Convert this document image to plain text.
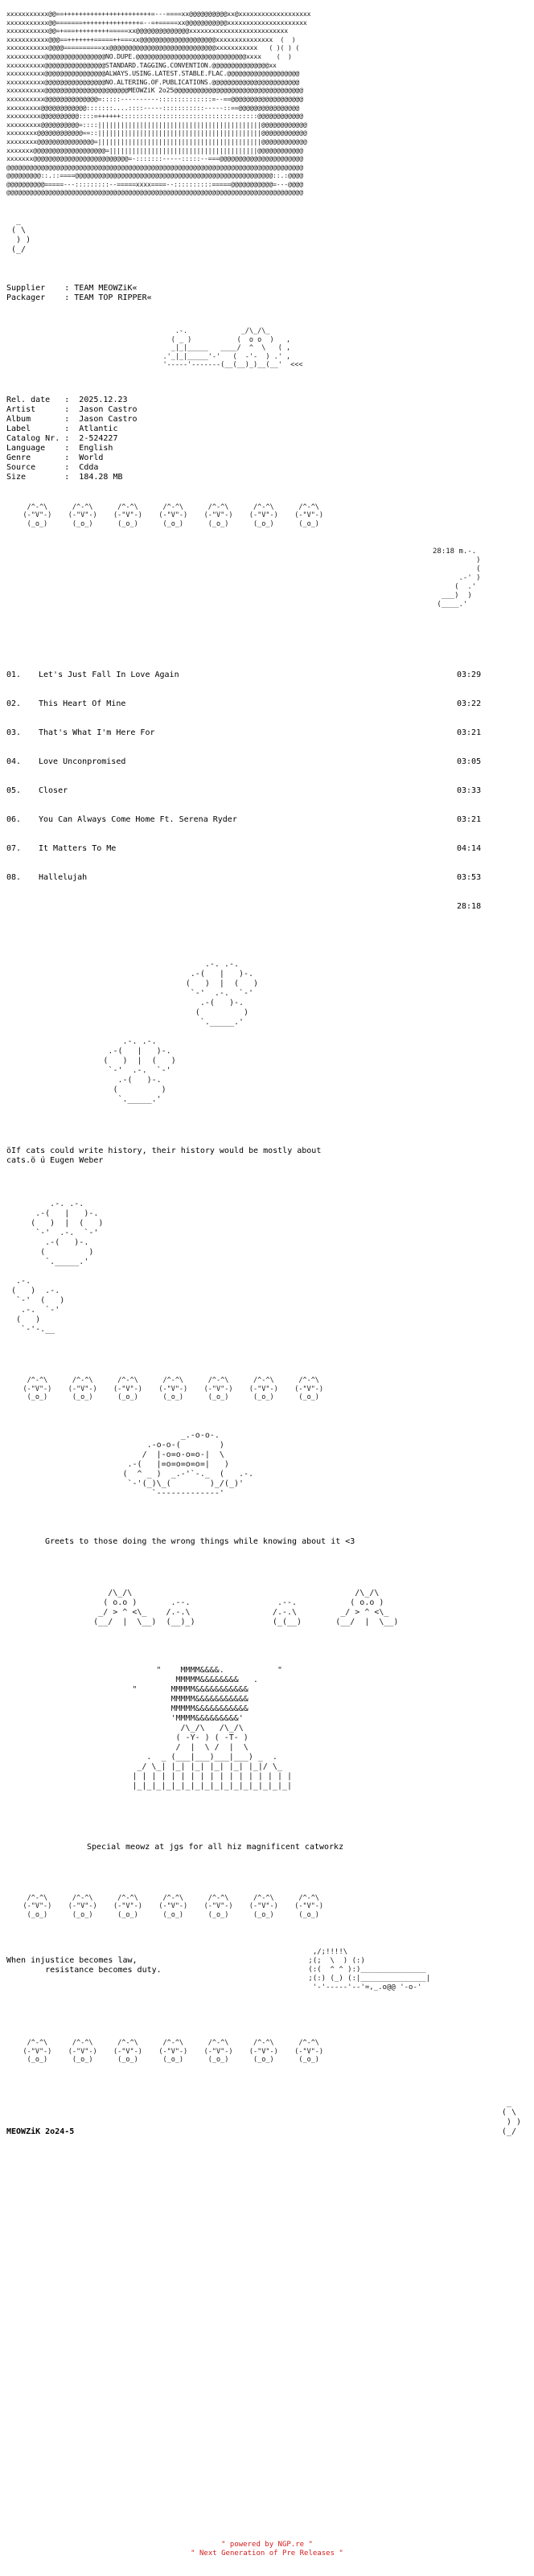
xxxxxxxxxxx@@==+++++++++++++++++++++++=---====xx@@@@@@@@@@xx@xxxxxxxxxxxxxxxxxxx
xxxxxxxxxxx@@=======+++++++++++++++=--=+=====xx@@@@@@@@@@@xxxxxxxxxxxxxxxxxxxxx
xxxxxxxxxxx@@=+===+++++++++=====xx@@@@@@@@@@@@@@xxxxxxxxxxxxxxxxxxxxxxxxxx
xxxxxxxxxxx@@@==+++++++=====++===xx@@@@@@@@@@@@@@@@@@@@xxxxxxxxxxxxxxx  (  )
xxxxxxxxxxx@@@@==========xx@@@@@@@@@@@@@@@@@@@@@@@@@@@@xxxxxxxxxxx   ( )( ) (
xxxxxxxxxx@@@@@@@@@@@@@@@@NO.DUPE.@@@@@@@@@@@@@@@@@@@@@@@@@@@@@xxxx    (  )
xxxxxxxxxx@@@@@@@@@@@@@@@@STANDARD.TAGGING.CONVENTION.@@@@@@@@@@@@@@@xx
xxxxxxxxxx@@@@@@@@@@@@@@@@ALWAYS.USING.LATEST.STABLE.FLAC.@@@@@@@@@@@@@@@@@@@
xxxxxxxxxx@@@@@@@@@@@@@@@@NO.ALTERING.OF.PUBLICATIONS.@@@@@@@@@@@@@@@@@@@@@@@
xxxxxxxxxx@@@@@@@@@@@@@@@@@@@@@@MEOWZiK 2o25@@@@@@@@@@@@@@@@@@@@@@@@@@@@@@@@@@
xxxxxxxxxx@@@@@@@@@@@@@@=:::::----------::::::::::::::=--==@@@@@@@@@@@@@@@@@@@
xxxxxxxxx@@@@@@@@@@@@:::::::....::::-----:::::::::::-----::==@@@@@@@@@@@@@@@@
xxxxxxxxx@@@@@@@@@@::::=++++++::::::::::::::::::::::::::::::::::::@@@@@@@@@@@@
xxxxxxxxx@@@@@@@@@@=::::|||||||||||||||||||||||||||||||||||||||||||@@@@@@@@@@@@
xxxxxxxx@@@@@@@@@@@@==::|||||||||||||||||||||||||||||||||||||||||||@@@@@@@@@@@@
xxxxxxxx@@@@@@@@@@@@@@@=|||||||||||||||||||||||||||||||||||||||||||@@@@@@@@@@@@
xxxxxxx@@@@@@@@@@@@@@@@@@@=|||||||||||||||||||||||||||||||||||||||@@@@@@@@@@@@
xxxxxxx@@@@@@@@@@@@@@@@@@@@@@@@@=-:::::::-----:::::--===@@@@@@@@@@@@@@@@@@@@@@
@@@@@@@@@@@@@@@@@@@@@@@@@@@@@@@@@@@@@@@@@@@@@@@@@@@@@@@@@@@@@@@@@@@@@@@@@@@@@@
@@@@@@@@@::.::====@@@@@@@@@@@@@@@@@@@@@@@@@@@@@@@@@@@@@@@@@@@@@@@@@@@@::.:@@@@
@@@@@@@@@@=====---:::::::::--=====xxxx====--::::::::::=====@@@@@@@@@@@=---@@@@
@@@@@@@@@@@@@@@@@@@@@@@@@@@@@@@@@@@@@@@@@@@@@@@@@@@@@@@@@@@@@@@@@@@@@@@@@@@@@@

_
( \
) )
(_/

Supplier    : TEAM MEOWZiK«
Packager    : TEAM TOP RIPPER«

.-.             _/\_/\_
( _ )           (  o o  )   ,
_|_|_____   ____/  ^  \   ( ,
.'_|_|_____'-'   (  -'-  ) .' ,
'-----'-------(__(__)_)__(__'  <<<

Rel. date   :  2025.12.23
Artist      :  Jason Castro
Album       :  Jason Castro
Label       :  Atlantic
Catalog Nr. :  2-524227
Language    :  English
Genre       :  World
Source      :  Cdda
Size        :  184.28 MB

/^-^\      /^-^\      /^-^\      /^-^\      /^-^\      /^-^\      /^-^\
(-"V"-)    (-"V"-)    (-"V"-)    (-"V"-)    (-"V"-)    (-"V"-)    (-"V"-)
(_o_)      (_o_)      (_o_)      (_o_)      (_o_)      (_o_)      (_o_)

28:18 m.-.
)
(
.-' )
(  .'
___)  )
(____.'

01.	Let's Just Fall In Love Again	03:29

02.	This Heart Of Mine	03:22

03.	That's What I'm Here For	03:21

04.	Love Unconpromised	03:05

05.	Closer	03:33

06.	You Can Always Come Home Ft. Serena Ryder	03:21

07.	It Matters To Me	04:14

08.	Hallelujah	03:53

28:18

.-. .-.
.-(   |   )-.
(   )  |  (   )
`-'  .-.  `-'
.-(   )-.
(         )
`._____.'

.-. .-.
.-(   |   )-.
(   )  |  (   )
`-'  .-.  `-'
.-(   )-.
(         )
`._____.'

öIf cats could write history, their history would be mostly about
cats.ö ú Eugen Weber

.-. .-.
.-(   |   )-.
(   )  |  (   )
`-'  .-.  `-'
.-(   )-.
(         )
`._____.'

.-.
(   )  .-.
`-'  (   )
.-.  `-'
(   )
`-'-.__

/^-^\      /^-^\      /^-^\      /^-^\      /^-^\      /^-^\      /^-^\
(-"V"-)    (-"V"-)    (-"V"-)    (-"V"-)    (-"V"-)    (-"V"-)    (-"V"-)
(_o_)      (_o_)      (_o_)      (_o_)      (_o_)      (_o_)      (_o_)

_.-o-o-.
.-o-o-(        )
/  |-o=o-o=o-|  \
.-(   |=o=o=o=o=|   )
(  ^ _ )  _.-'`-._  (   .-.
`-'(_)\_(        )_/(_)'
`-------------'

Greets to those doing the wrong things while knowing about it <3

/\_/\                                              /\_/\
( o.o )       .--.                  .--.           ( o.o )
_/ > ^ <\_    /.-.\                 /.-.\         _/ > ^ <\_
(__/  |  \__)  (__)_)                (_(__)       (__/  |  \__)

"    MMMM&&&&.           "
MMMMM&&&&&&&&   .
"       MMMMM&&&&&&&&&&&
MMMMM&&&&&&&&&&&
MMMMM&&&&&&&&&&&
'MMMM&&&&&&&&&'
/\_/\   /\_/\
( -Y- ) ( -T- )
/  |  \ /  |  \
.  _ (___|___)___|___) _  .
_/ \_| |_| |_| |_| |_| |_|/ \_
| | | | | | | | | | | | | | | | |
|_|_|_|_|_|_|_|_|_|_|_|_|_|_|_|_|

Special meowz at jgs for all hiz magnificent catworkz

/^-^\      /^-^\      /^-^\      /^-^\      /^-^\      /^-^\      /^-^\
(-"V"-)    (-"V"-)    (-"V"-)    (-"V"-)    (-"V"-)    (-"V"-)    (-"V"-)
(_o_)      (_o_)      (_o_)      (_o_)      (_o_)      (_o_)      (_o_)

When injustice becomes law,
resistance becomes duty.
,/;!!!!\
;(;  \  ) (:)
(:(  ^ ^ ):)_______________
;(:) (_) (:|_______________|
'-'-----'--'=,_.o@@ '-o-'

/^-^\      /^-^\      /^-^\      /^-^\      /^-^\      /^-^\      /^-^\
(-"V"-)    (-"V"-)    (-"V"-)    (-"V"-)    (-"V"-)    (-"V"-)    (-"V"-)
(_o_)      (_o_)      (_o_)      (_o_)      (_o_)      (_o_)      (_o_)

MEOWZiK 2o24-5
_
( \
) )
(_/

" powered by NGP.re "
" Next Generation of Pre Releases "
